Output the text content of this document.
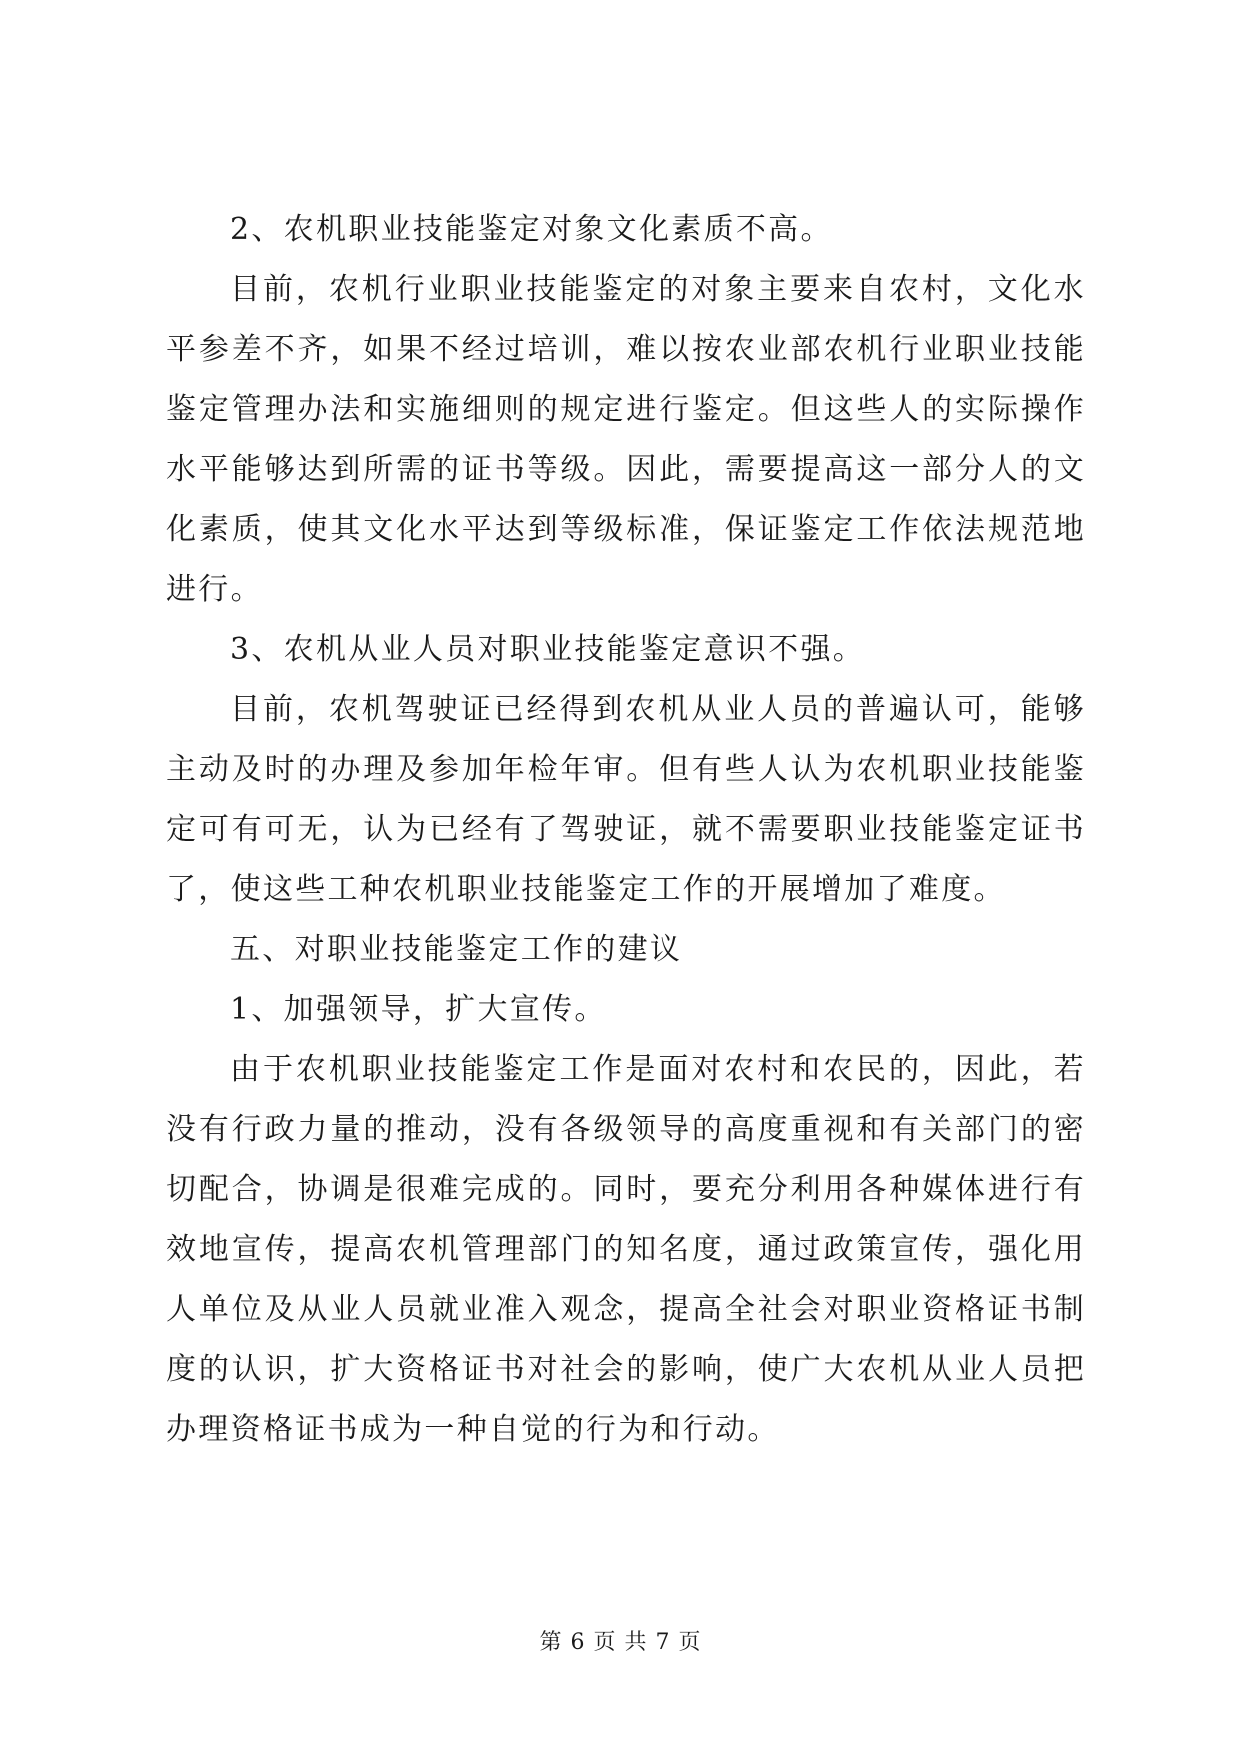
2、农机职业技能鉴定对象文化素质不高。

目前，农机行业职业技能鉴定的对象主要来自农村，文化水平参差不齐，如果不经过培训，难以按农业部农机行业职业技能鉴定管理办法和实施细则的规定进行鉴定。但这些人的实际操作水平能够达到所需的证书等级。因此，需要提高这一部分人的文化素质，使其文化水平达到等级标准，保证鉴定工作依法规范地进行。

3、农机从业人员对职业技能鉴定意识不强。

目前，农机驾驶证已经得到农机从业人员的普遍认可，能够主动及时的办理及参加年检年审。但有些人认为农机职业技能鉴定可有可无，认为已经有了驾驶证，就不需要职业技能鉴定证书了，使这些工种农机职业技能鉴定工作的开展增加了难度。

五、对职业技能鉴定工作的建议

1、加强领导，扩大宣传。

由于农机职业技能鉴定工作是面对农村和农民的，因此，若没有行政力量的推动，没有各级领导的高度重视和有关部门的密切配合，协调是很难完成的。同时，要充分利用各种媒体进行有效地宣传，提高农机管理部门的知名度，通过政策宣传，强化用人单位及从业人员就业准入观念，提高全社会对职业资格证书制度的认识，扩大资格证书对社会的影响，使广大农机从业人员把办理资格证书成为一种自觉的行为和行动。

第 6 页 共 7 页
